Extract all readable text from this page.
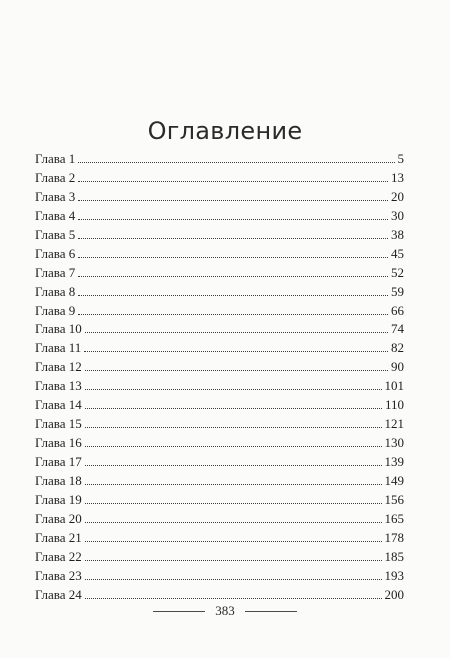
Оглавление
Глава 1	5
Глава 2	13
Глава 3	20
Глава 4	30
Глава 5	38
Глава 6	45
Глава 7	52
Глава 8	59
Глава 9	66
Глава 10	74
Глава 11	82
Глава 12	90
Глава 13	101
Глава 14	110
Глава 15	121
Глава 16	130
Глава 17	139
Глава 18	149
Глава 19	156
Глава 20	165
Глава 21	178
Глава 22	185
Глава 23	193
Глава 24	200
383
